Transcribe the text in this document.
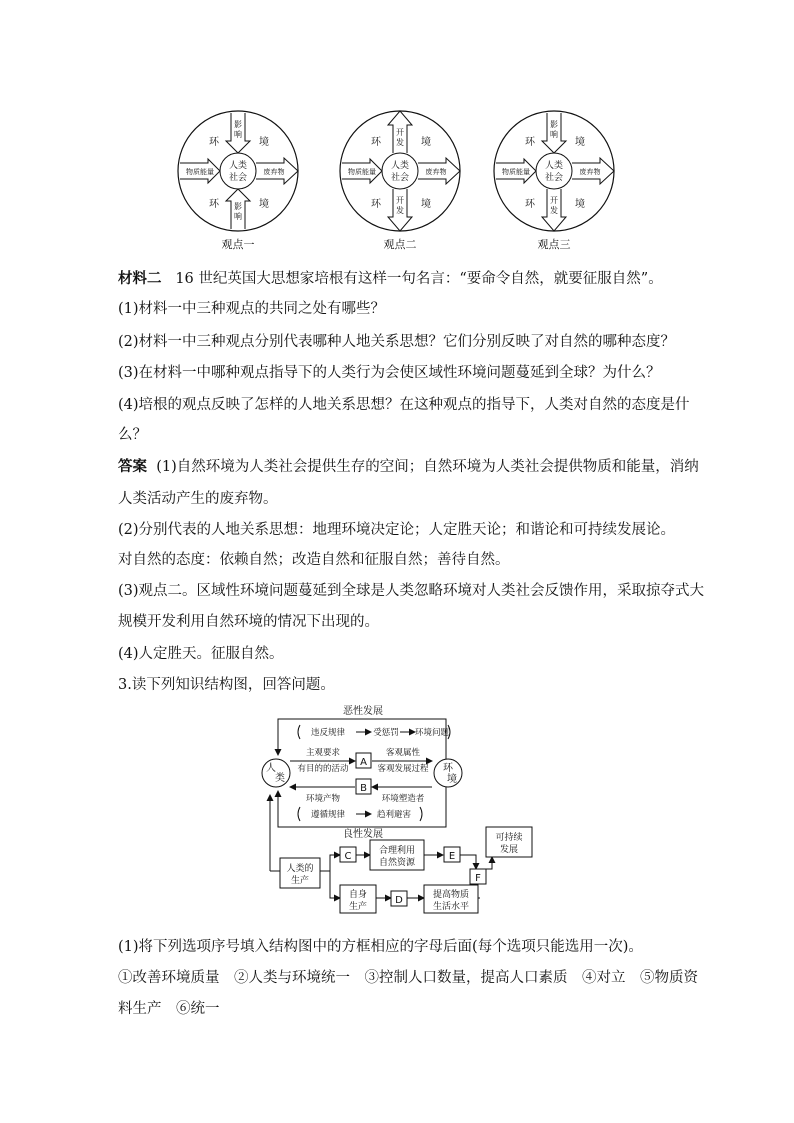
环	境
环	境
影
响
影
响
人类
社会
物质能量	废弃物
环	境
环	境
开
发
开
发
人类
社会
物质能量	废弃物
环	境
环	境
影
响
开
发
人类
社会
物质能量	废弃物
观点一	观点二	观点三
材料二 16 世纪英国大思想家培根有这样一句名言：“要命令自然，就要征服自然”。
(1)材料一中三种观点的共同之处有哪些？
(2)材料一中三种观点分别代表哪种人地关系思想？它们分别反映了对自然的哪种态度？
(3)在材料一中哪种观点指导下的人类行为会使区域性环境问题蔓延到全球？为什么？
(4)培根的观点反映了怎样的人地关系思想？在这种观点的指导下，人类对自然的态度是什
么？
答案 (1)自然环境为人类社会提供生存的空间；自然环境为人类社会提供物质和能量，消纳
人类活动产生的废弃物。
(2)分别代表的人地关系思想：地理环境决定论；人定胜天论；和谐论和可持续发展论。
对自然的态度：依赖自然；改造自然和征服自然；善待自然。
(3)观点二。区域性环境问题蔓延到全球是人类忽略环境对人类社会反馈作用，采取掠夺式大
规模开发利用自然环境的情况下出现的。
(4)人定胜天。征服自然。
3.读下列知识结构图，回答问题。
人
类
环
境
A
B
恶性发展
违反规律	受惩罚 环境问题
主观要求
有目的的活动
客观属性
客观发展过程
环境产物	环境塑造者
遵循规律	趋利避害
良性发展
人类的
生产
C	合理利用
自然资源
E
可持续
发展
F
自身
生产
D	提高物质
生活水平
(1)将下列选项序号填入结构图中的方框相应的字母后面(每个选项只能选用一次)。
①改善环境质量　②人类与环境统一　③控制人口数量，提高人口素质　④对立　⑤物质资
料生产　⑥统一
